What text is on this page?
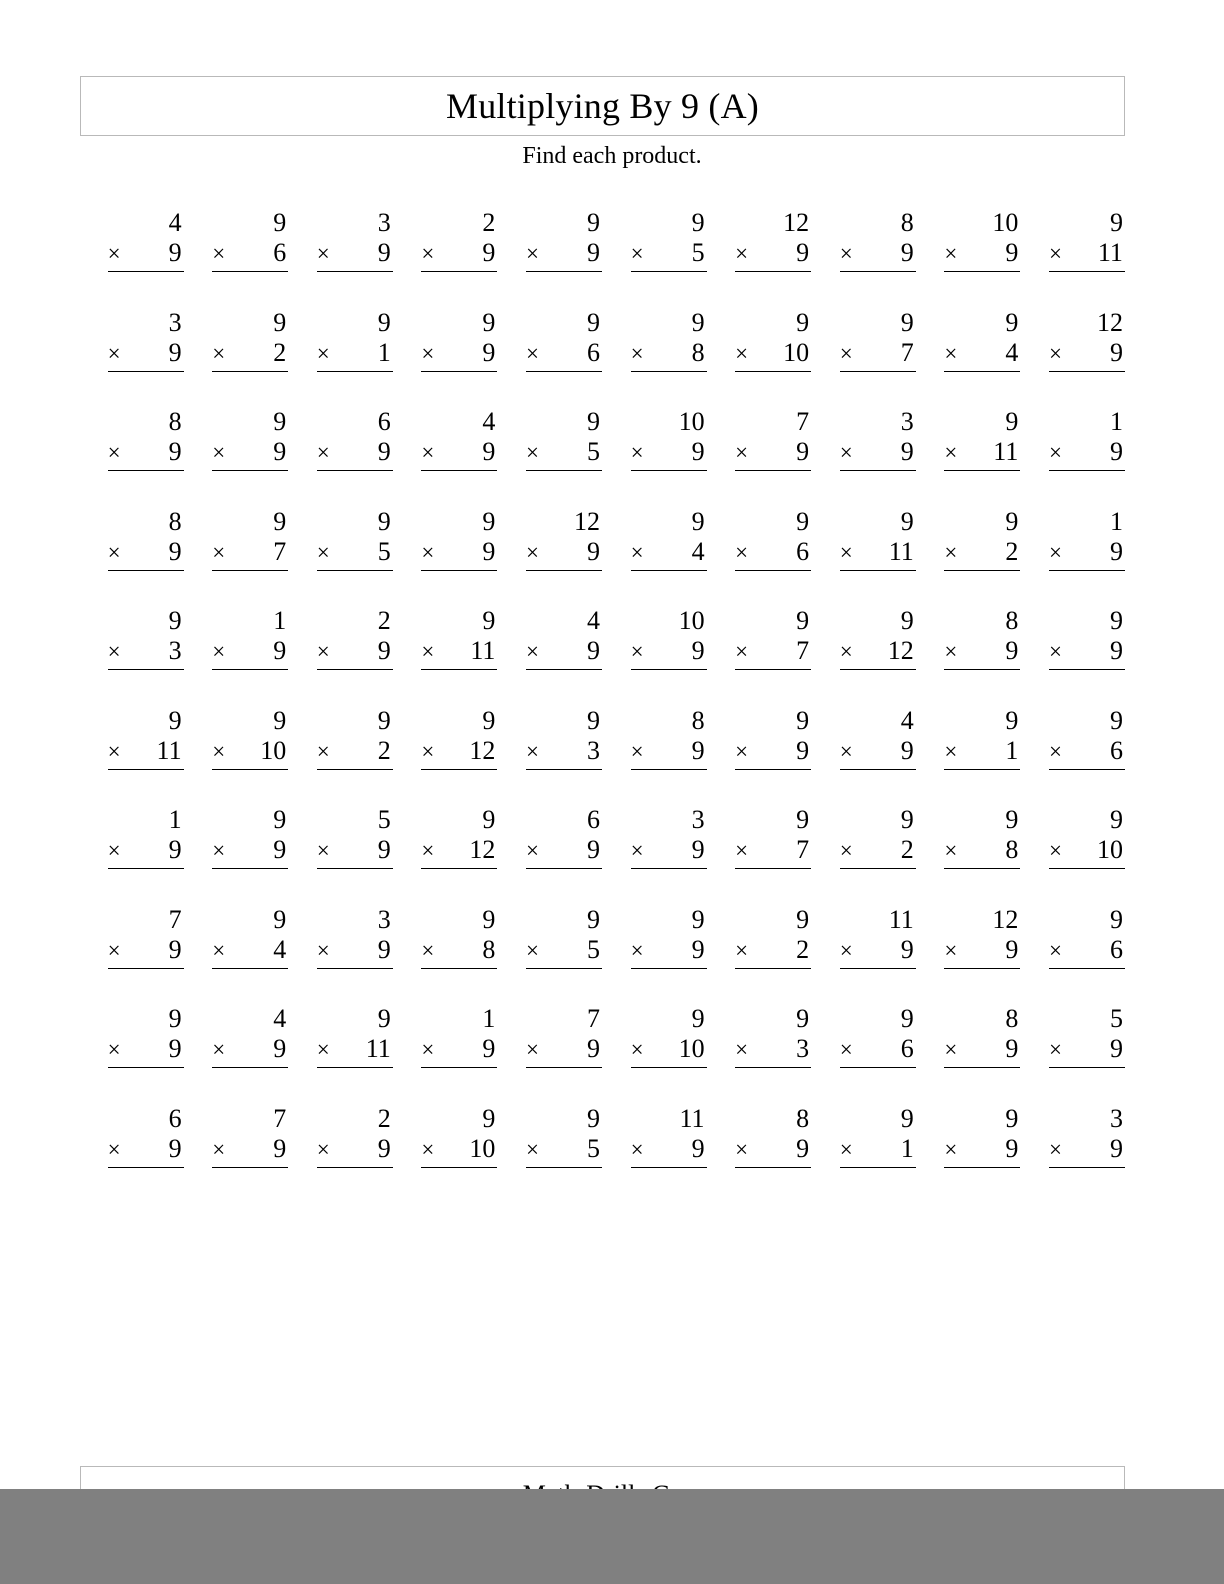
Multiplying By 9 (A)
Find each product.
4
× 9
9
× 6
3
× 9
2
× 9
9
× 9
9
× 5
12
× 9
8
× 9
10
× 9
9
× 11
3
× 9
9
× 2
9
× 1
9
× 9
9
× 6
9
× 8
9
× 10
9
× 7
9
× 4
12
× 9
8
× 9
9
× 9
6
× 9
4
× 9
9
× 5
10
× 9
7
× 9
3
× 9
9
× 11
1
× 9
8
× 9
9
× 7
9
× 5
9
× 9
12
× 9
9
× 4
9
× 6
9
× 11
9
× 2
1
× 9
9
× 3
1
× 9
2
× 9
9
× 11
4
× 9
10
× 9
9
× 7
9
× 12
8
× 9
9
× 9
9
× 11
9
× 10
9
× 2
9
× 12
9
× 3
8
× 9
9
× 9
4
× 9
9
× 1
9
× 6
1
× 9
9
× 9
5
× 9
9
× 12
6
× 9
3
× 9
9
× 7
9
× 2
9
× 8
9
× 10
7
× 9
9
× 4
3
× 9
9
× 8
9
× 5
9
× 9
9
× 2
11
× 9
12
× 9
9
× 6
9
× 9
4
× 9
9
× 11
1
× 9
7
× 9
9
× 10
9
× 3
9
× 6
8
× 9
5
× 9
6
× 9
7
× 9
2
× 9
9
× 10
9
× 5
11
× 9
8
× 9
9
× 1
9
× 9
3
× 9
